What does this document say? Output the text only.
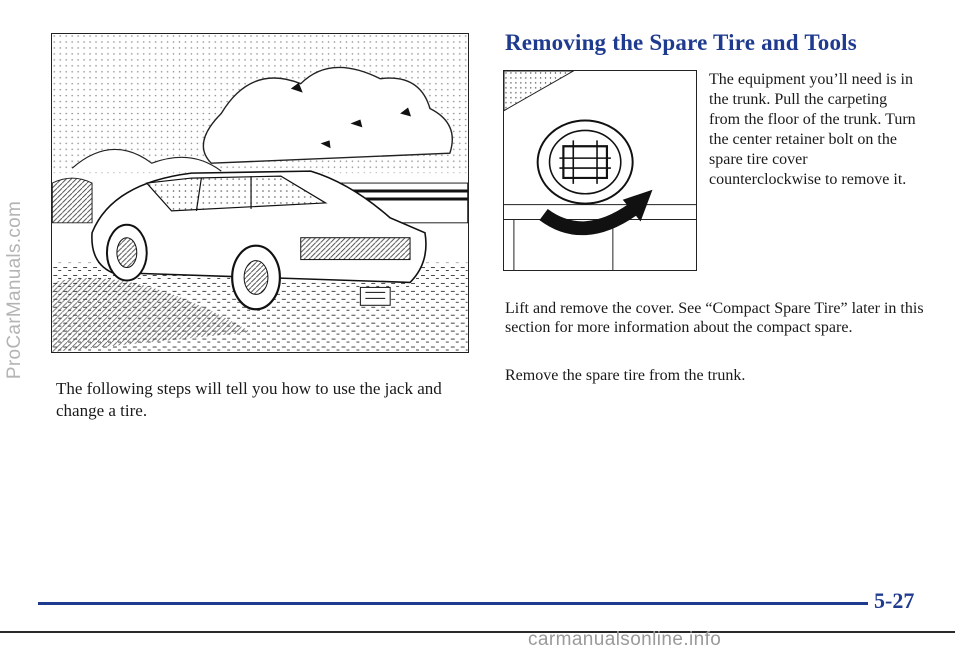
ProCarManuals.com

The following steps will tell you how to use the jack and change a tire.

Removing the Spare Tire and Tools

The equipment you’ll need is in the trunk. Pull the carpeting from the floor of the trunk. Turn the center retainer bolt on the spare tire cover counterclockwise to remove it.

Lift and remove the cover. See “Compact Spare Tire” later in this section for more information about the compact spare.

Remove the spare tire from the trunk.

5-27
carmanualsonline.info
